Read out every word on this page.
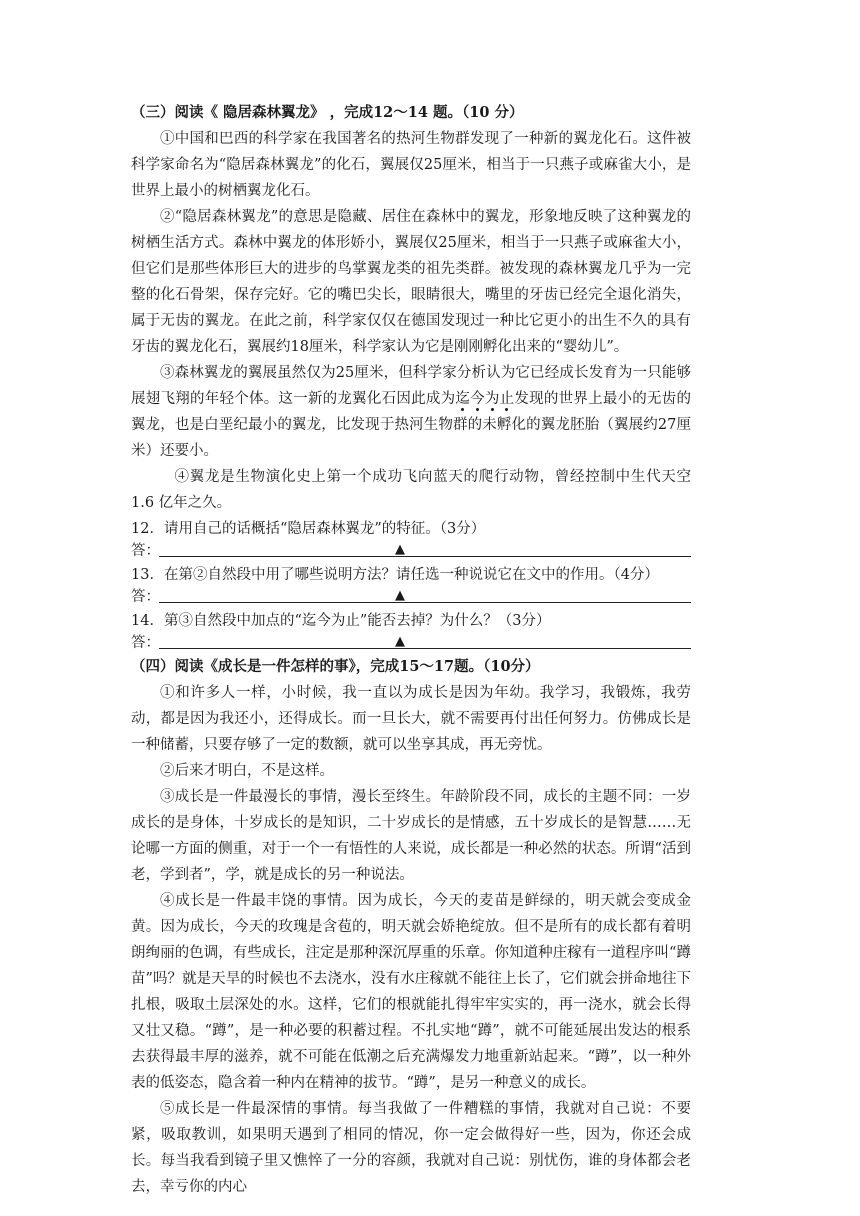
（三）阅读《 隐居森林翼龙》 ，完成12～14 题。（10 分）

①中国和巴西的科学家在我国著名的热河生物群发现了一种新的翼龙化石。这件被科学家命名为“隐居森林翼龙”的化石，翼展仅25厘米，相当于一只燕子或麻雀大小，是世界上最小的树栖翼龙化石。

②“隐居森林翼龙”的意思是隐藏、居住在森林中的翼龙，形象地反映了这种翼龙的树栖生活方式。森林中翼龙的体形娇小，翼展仅25厘米，相当于一只燕子或麻雀大小，但它们是那些体形巨大的进步的鸟掌翼龙类的祖先类群。被发现的森林翼龙几乎为一完整的化石骨架，保存完好。它的嘴巴尖长，眼睛很大，嘴里的牙齿已经完全退化消失，属于无齿的翼龙。在此之前，科学家仅仅在德国发现过一种比它更小的出生不久的具有牙齿的翼龙化石，翼展约18厘米，科学家认为它是刚刚孵化出来的“婴幼儿”。

③森林翼龙的翼展虽然仅为25厘米，但科学家分析认为它已经成长发育为一只能够展翅飞翔的年轻个体。这一新的龙翼化石因此成为迄今为止发现的世界上最小的无齿的翼龙，也是白垩纪最小的翼龙，比发现于热河生物群的未孵化的翼龙胚胎（翼展约27厘米）还要小。

④翼龙是生物演化史上第一个成功飞向蓝天的爬行动物，曾经控制中生代天空 1.6 亿年之久。

12．请用自己的话概括“隐居森林翼龙”的特征。（3分）

答：	▲

13．在第②自然段中用了哪些说明方法？请任选一种说说它在文中的作用。（4分）

答：	▲

14．第③自然段中加点的“迄今为止”能否去掉？为什么？（3分）

答：	▲

（四）阅读《成长是一件怎样的事》，完成15～17题。（10分）

①和许多人一样，小时候，我一直以为成长是因为年幼。我学习，我锻炼，我劳动，都是因为我还小，还得成长。而一旦长大，就不需要再付出任何努力。仿佛成长是一种储蓄，只要存够了一定的数额，就可以坐享其成，再无旁忧。

②后来才明白，不是这样。

③成长是一件最漫长的事情，漫长至终生。年龄阶段不同，成长的主题不同：一岁成长的是身体，十岁成长的是知识，二十岁成长的是情感，五十岁成长的是智慧……无论哪一方面的侧重，对于一个一有悟性的人来说，成长都是一种必然的状态。所谓“活到老，学到者”，学，就是成长的另一种说法。

④成长是一件最丰饶的事情。因为成长，今天的麦苗是鲜绿的，明天就会变成金黄。因为成长，今天的玫瑰是含苞的，明天就会娇艳绽放。但不是所有的成长都有着明朗绚丽的色调，有些成长，注定是那种深沉厚重的乐章。你知道种庄稼有一道程序叫“蹲苗”吗？就是天旱的时候也不去浇水，没有水庄稼就不能往上长了，它们就会拼命地往下扎根，吸取土层深处的水。这样，它们的根就能扎得牢牢实实的，再一浇水，就会长得又壮又稳。“蹲”，是一种必要的积蓄过程。不扎实地“蹲”，就不可能延展出发达的根系去获得最丰厚的滋养，就不可能在低潮之后充满爆发力地重新站起来。“蹲”，以一种外表的低姿态，隐含着一种内在精神的拔节。“蹲”，是另一种意义的成长。

⑤成长是一件最深情的事情。每当我做了一件糟糕的事情，我就对自己说：不要紧，吸取教训，如果明天遇到了相同的情况，你一定会做得好一些，因为，你还会成长。每当我看到镜子里又憔悴了一分的容颜，我就对自己说：别忧伤，谁的身体都会老去，幸亏你的内心
